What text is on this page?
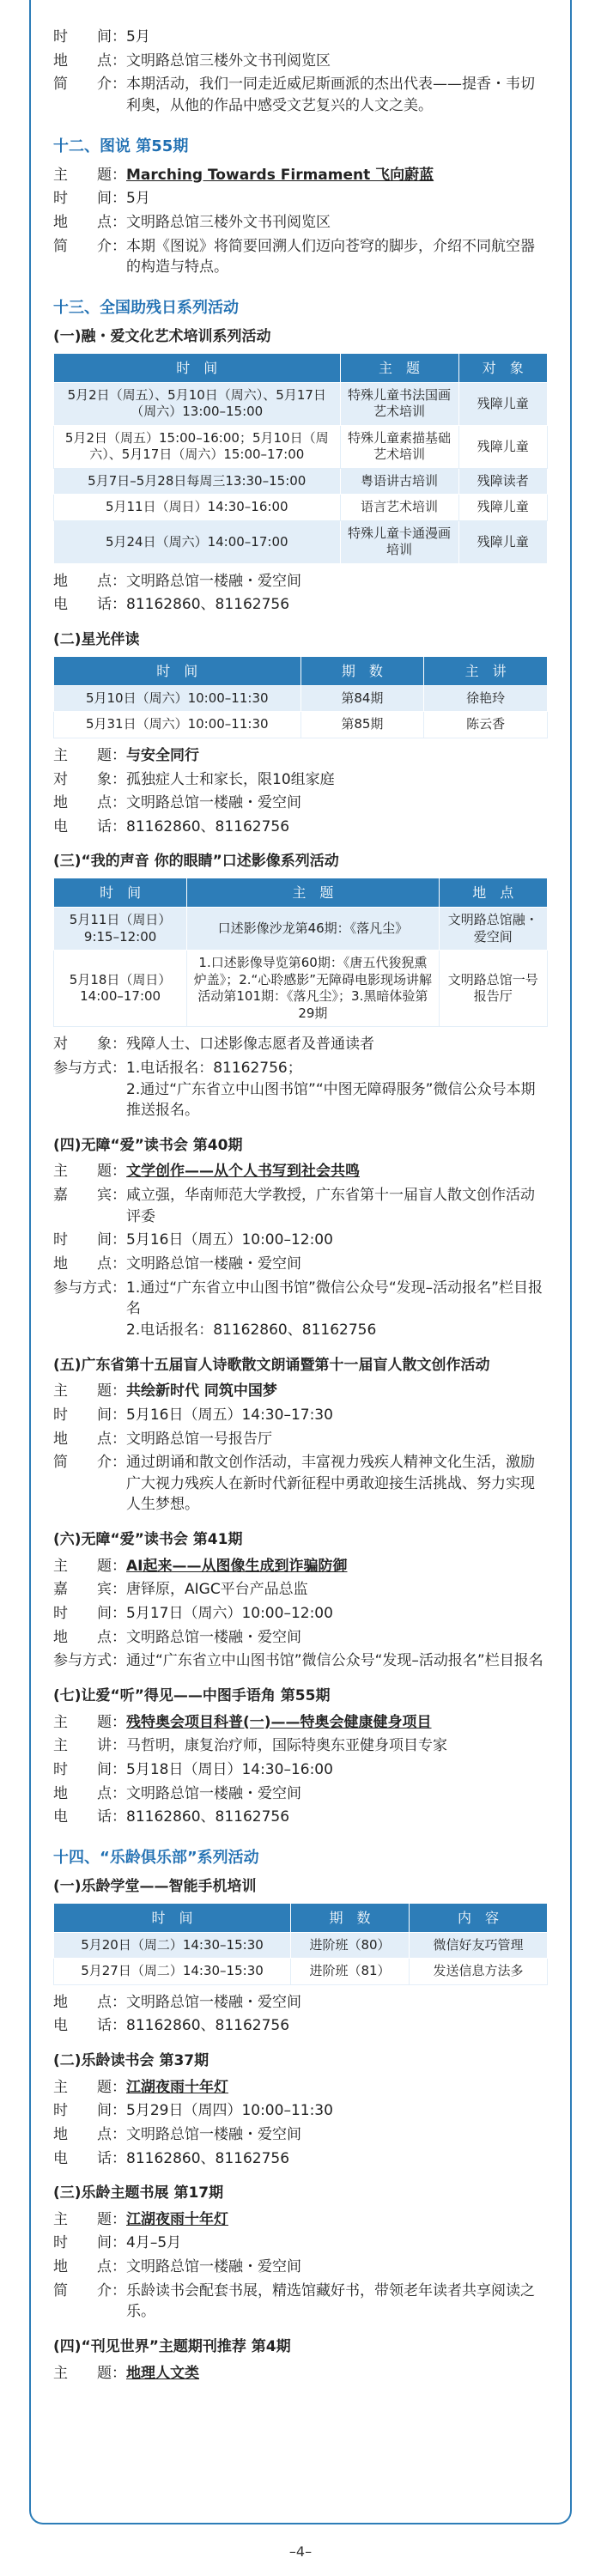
时　　间 ： 5月
地　　点 ： 文明路总馆三楼外文书刊阅览区
简　　介 ： 本期活动，我们一同走近威尼斯画派的杰出代表——提香・韦切利奥，从他的作品中感受文艺复兴的人文之美。
十二、图说 第55期
主　　题 ： Marching Towards Firmament 飞向蔚蓝
时　　间 ： 5月
地　　点 ： 文明路总馆三楼外文书刊阅览区
简　　介 ： 本期《图说》将简要回溯人们迈向苍穹的脚步，介绍不同航空器的构造与特点。
十三、全国助残日系列活动
(一)融・爱文化艺术培训系列活动
时　间	主　题	对　象
5月2日（周五）、5月10日（周六）、5月17日（周六）13:00–15:00	特殊儿童书法国画艺术培训	残障儿童
5月2日（周五）15:00–16:00；5月10日（周六）、5月17日（周六）15:00–17:00	特殊儿童素描基础艺术培训	残障儿童
5月7日–5月28日每周三13:30–15:00	粤语讲古培训	残障读者
5月11日（周日）14:30–16:00	语言艺术培训	残障儿童
5月24日（周六）14:00–17:00	特殊儿童卡通漫画培训	残障儿童
地　　点 ： 文明路总馆一楼融・爱空间
电　　话 ： 81162860、81162756
(二)星光伴读
时　间	期　数	主　讲
5月10日（周六）10:00–11:30	第84期	徐艳玲
5月31日（周六）10:00–11:30	第85期	陈云香
主　　题 ： 与安全同行
对　　象 ： 孤独症人士和家长，限10组家庭
地　　点 ： 文明路总馆一楼融・爱空间
电　　话 ： 81162860、81162756
(三)“我的声音 你的眼睛”口述影像系列活动
时　间	主　题	地　点
5月11日（周日）9:15–12:00	口述影像沙龙第46期：《落凡尘》	文明路总馆融・爱空间
5月18日（周日）14:00–17:00	1.口述影像导览第60期：《唐五代狻猊熏炉盖》；2.“心聆感影”无障碍电影现场讲解活动第101期：《落凡尘》；3.黑暗体验第29期	文明路总馆一号报告厅
对　　象 ： 残障人士、口述影像志愿者及普通读者
参与方式 ： 1.电话报名：81162756；
2.通过“广东省立中山图书馆”“中图无障碍服务”微信公众号本期推送报名。
(四)无障“爱”读书会 第40期
主　　题 ： 文学创作——从个人书写到社会共鸣
嘉　　宾 ： 咸立强，华南师范大学教授，广东省第十一届盲人散文创作活动评委
时　　间 ： 5月16日（周五）10:00–12:00
地　　点 ： 文明路总馆一楼融・爱空间
参与方式 ： 1.通过“广东省立中山图书馆”微信公众号“发现–活动报名”栏目报名
2.电话报名：81162860、81162756
(五)广东省第十五届盲人诗歌散文朗诵暨第十一届盲人散文创作活动
主　　题 ： 共绘新时代 同筑中国梦
时　　间 ： 5月16日（周五）14:30–17:30
地　　点 ： 文明路总馆一号报告厅
简　　介 ： 通过朗诵和散文创作活动，丰富视力残疾人精神文化生活，激励广大视力残疾人在新时代新征程中勇敢迎接生活挑战、努力实现人生梦想。
(六)无障“爱”读书会 第41期
主　　题 ： AI起来——从图像生成到诈骗防御
嘉　　宾 ： 唐铎原，AIGC平台产品总监
时　　间 ： 5月17日（周六）10:00–12:00
地　　点 ： 文明路总馆一楼融・爱空间
参与方式 ： 通过“广东省立中山图书馆”微信公众号“发现–活动报名”栏目报名
(七)让爱“听”得见——中图手语角 第55期
主　　题 ： 残特奥会项目科普(一)——特奥会健康健身项目
主　　讲 ： 马哲明，康复治疗师，国际特奥东亚健身项目专家
时　　间 ： 5月18日（周日）14:30–16:00
地　　点 ： 文明路总馆一楼融・爱空间
电　　话 ： 81162860、81162756
十四、“乐龄俱乐部”系列活动
(一)乐龄学堂——智能手机培训
时　间	期　数	内　容
5月20日（周二）14:30–15:30	进阶班（80）	微信好友巧管理
5月27日（周二）14:30–15:30	进阶班（81）	发送信息方法多
地　　点 ： 文明路总馆一楼融・爱空间
电　　话 ： 81162860、81162756
(二)乐龄读书会 第37期
主　　题 ： 江湖夜雨十年灯
时　　间 ： 5月29日（周四）10:00–11:30
地　　点 ： 文明路总馆一楼融・爱空间
电　　话 ： 81162860、81162756
(三)乐龄主题书展 第17期
主　　题 ： 江湖夜雨十年灯
时　　间 ： 4月–5月
地　　点 ： 文明路总馆一楼融・爱空间
简　　介 ： 乐龄读书会配套书展，精选馆藏好书，带领老年读者共享阅读之乐。
(四)“刊见世界”主题期刊推荐 第4期
主　　题 ： 地理人文类
–4–
